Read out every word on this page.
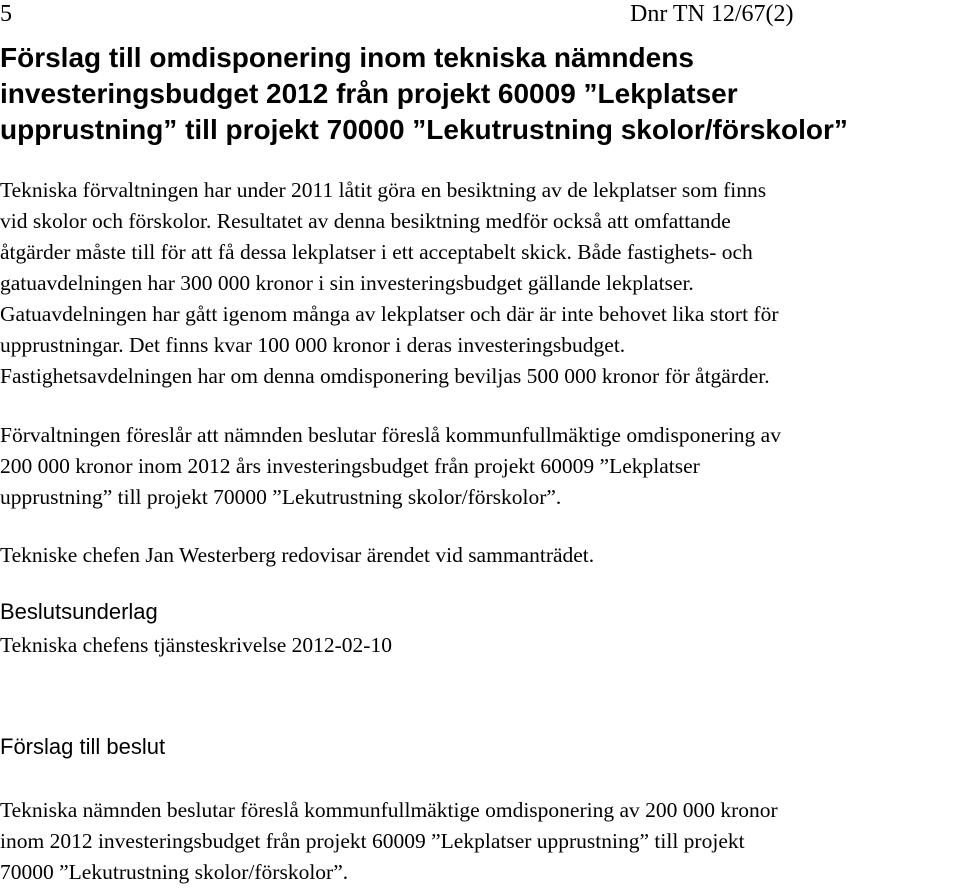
5	Dnr TN 12/67(2)
Förslag till omdisponering inom tekniska nämndens
investeringsbudget 2012 från projekt 60009 ”Lekplatser
upprustning” till projekt 70000 ”Lekutrustning skolor/förskolor”

Tekniska förvaltningen har under 2011 låtit göra en besiktning av de lekplatser som finns
vid skolor och förskolor. Resultatet av denna besiktning medför också att omfattande
åtgärder måste till för att få dessa lekplatser i ett acceptabelt skick. Både fastighets- och
gatuavdelningen har 300 000 kronor i sin investeringsbudget gällande lekplatser.
Gatuavdelningen har gått igenom många av lekplatser och där är inte behovet lika stort för
upprustningar. Det finns kvar 100 000 kronor i deras investeringsbudget.
Fastighetsavdelningen har om denna omdisponering beviljas 500 000 kronor för åtgärder.

Förvaltningen föreslår att nämnden beslutar föreslå kommunfullmäktige omdisponering av
200 000 kronor inom 2012 års investeringsbudget från projekt 60009 ”Lekplatser
upprustning” till projekt 70000 ”Lekutrustning skolor/förskolor”.

Tekniske chefen Jan Westerberg redovisar ärendet vid sammanträdet.

Beslutsunderlag

Tekniska chefens tjänsteskrivelse 2012-02-10

Förslag till beslut

Tekniska nämnden beslutar föreslå kommunfullmäktige omdisponering av 200 000 kronor
inom 2012 investeringsbudget från projekt 60009 ”Lekplatser upprustning” till projekt
70000 ”Lekutrustning skolor/förskolor”.
